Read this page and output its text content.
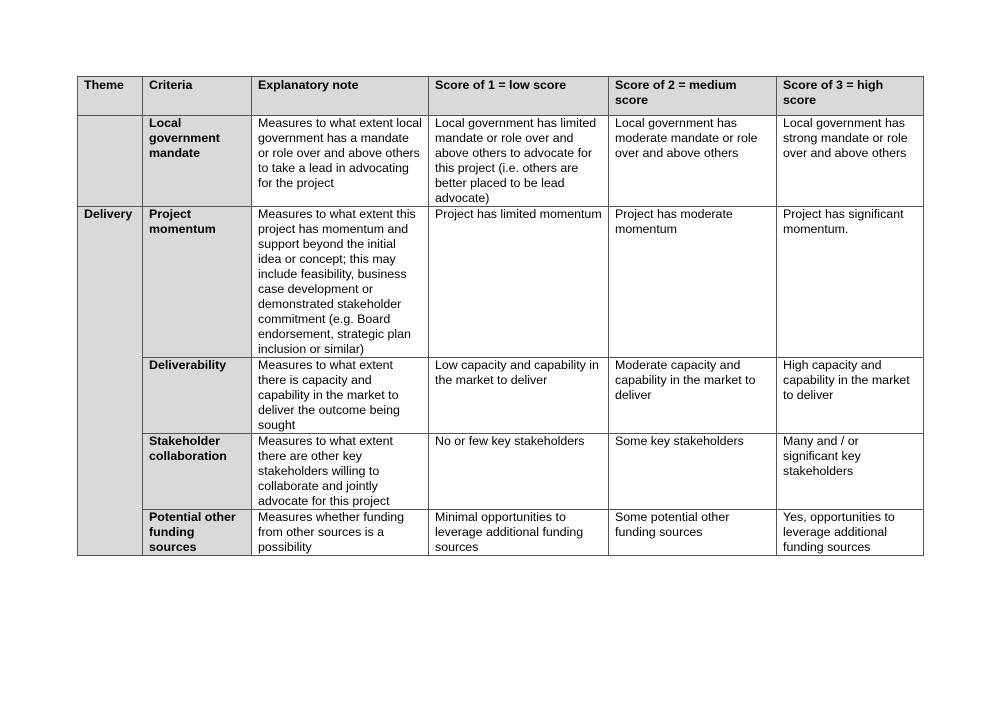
Theme	Criteria	Explanatory note	Score of 1 = low score	Score of 2 = medium score	Score of 3 = high score
	Local government mandate	Measures to what extent local government has a mandate or role over and above others to take a lead in advocating for the project	Local government has limited mandate or role over and above others to advocate for this project (i.e. others are better placed to be lead advocate)	Local government has moderate mandate or role over and above others	Local government has strong mandate or role over and above others
Delivery	Project momentum	Measures to what extent this project has momentum and support beyond the initial idea or concept; this may include feasibility, business case development or demonstrated stakeholder commitment (e.g. Board endorsement, strategic plan inclusion or similar)	Project has limited momentum	Project has moderate momentum	Project has significant momentum.
	Deliverability	Measures to what extent there is capacity and capability in the market to deliver the outcome being sought	Low capacity and capability in the market to deliver	Moderate capacity and capability in the market to deliver	High capacity and capability in the market to deliver
	Stakeholder collaboration	Measures to what extent there are other key stakeholders willing to collaborate and jointly advocate for this project	No or few key stakeholders	Some key stakeholders	Many and / or significant key stakeholders
	Potential other funding sources	Measures whether funding from other sources is a possibility	Minimal opportunities to leverage additional funding sources	Some potential other funding sources	Yes, opportunities to leverage additional funding sources
